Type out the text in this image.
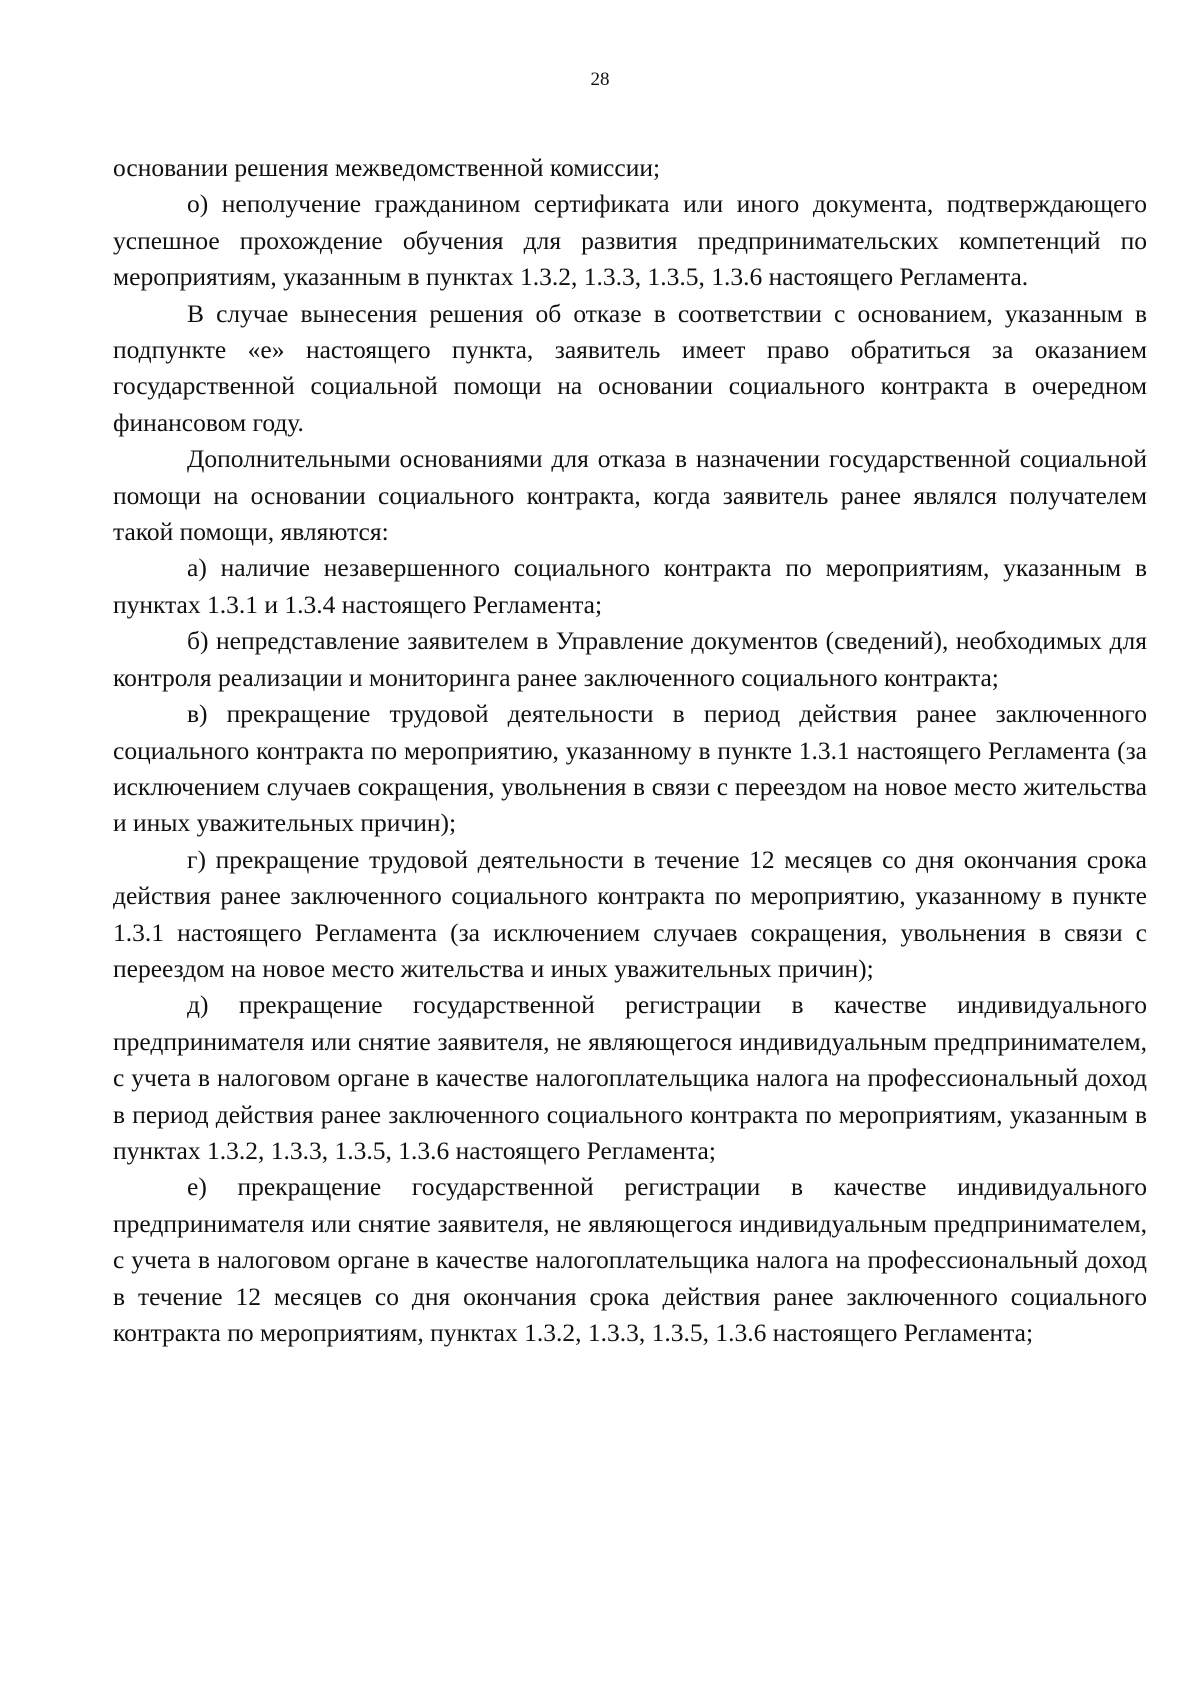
28

основании решения межведомственной комиссии;

о) неполучение гражданином сертификата или иного документа, подтверждающего успешное прохождение обучения для развития предпринимательских компетенций по мероприятиям, указанным в пунктах 1.3.2, 1.3.3, 1.3.5, 1.3.6 настоящего Регламента.

В случае вынесения решения об отказе в соответствии с основанием, указанным в подпункте «е» настоящего пункта, заявитель имеет право обратиться за оказанием государственной социальной помощи на основании социального контракта в очередном финансовом году.

Дополнительными основаниями для отказа в назначении государственной социальной помощи на основании социального контракта, когда заявитель ранее являлся получателем такой помощи, являются:

а) наличие незавершенного социального контракта по мероприятиям, указанным в пунктах 1.3.1 и 1.3.4 настоящего Регламента;

б) непредставление заявителем в Управление документов (сведений), необходимых для контроля реализации и мониторинга ранее заключенного социального контракта;

в) прекращение трудовой деятельности в период действия ранее заключенного социального контракта по мероприятию, указанному в пункте 1.3.1 настоящего Регламента (за исключением случаев сокращения, увольнения в связи с переездом на новое место жительства и иных уважительных причин);

г) прекращение трудовой деятельности в течение 12 месяцев со дня окончания срока действия ранее заключенного социального контракта по мероприятию, указанному в пункте 1.3.1 настоящего Регламента (за исключением случаев сокращения, увольнения в связи с переездом на новое место жительства и иных уважительных причин);

д) прекращение государственной регистрации в качестве индивидуального предпринимателя или снятие заявителя, не являющегося индивидуальным предпринимателем, с учета в налоговом органе в качестве налогоплательщика налога на профессиональный доход в период действия ранее заключенного социального контракта по мероприятиям, указанным в пунктах 1.3.2, 1.3.3, 1.3.5, 1.3.6 настоящего Регламента;

е) прекращение государственной регистрации в качестве индивидуального предпринимателя или снятие заявителя, не являющегося индивидуальным предпринимателем, с учета в налоговом органе в качестве налогоплательщика налога на профессиональный доход в течение 12 месяцев со дня окончания срока действия ранее заключенного социального контракта по мероприятиям, пунктах 1.3.2, 1.3.3, 1.3.5, 1.3.6 настоящего Регламента;
